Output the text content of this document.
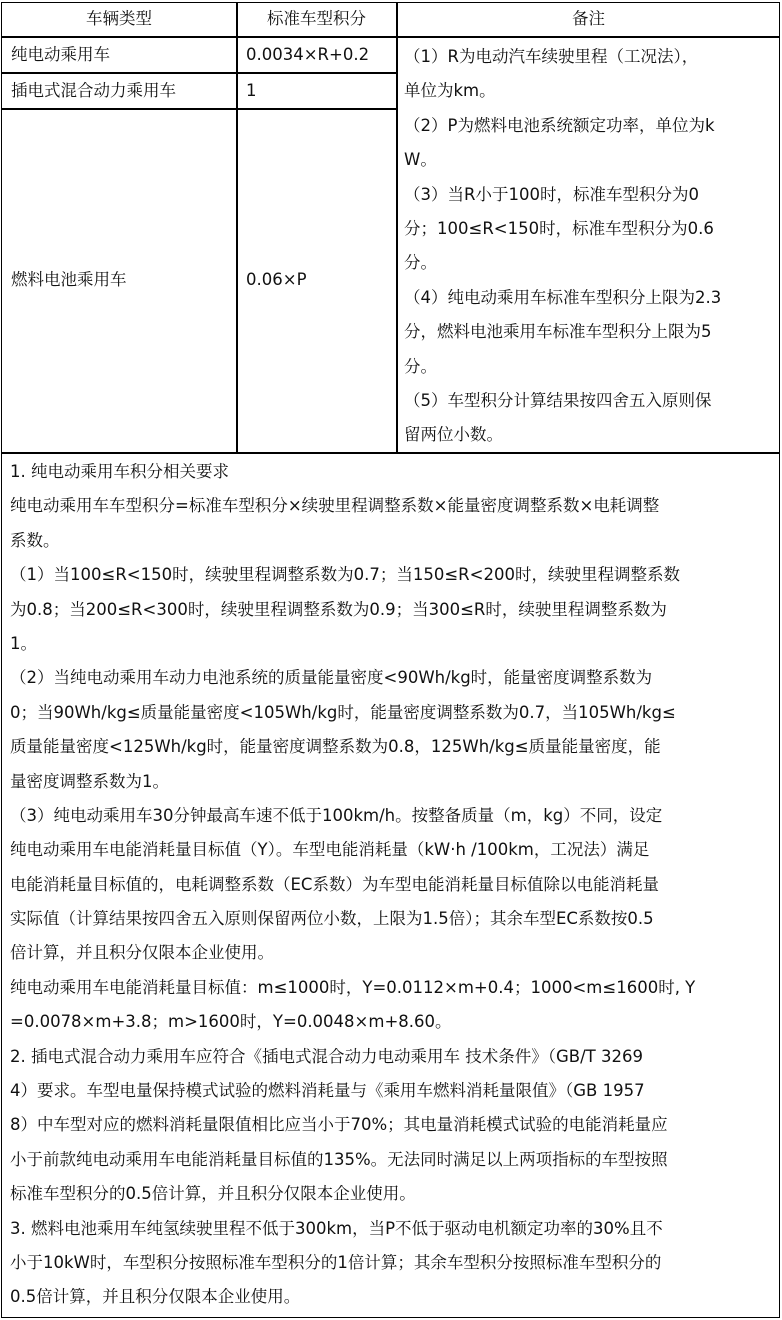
车辆类型	标准车型积分	备注
纯电动乘用车	0.0034×R+0.2
插电式混合动力乘用车	1
燃料电池乘用车	0.06×P
（1）R为电动汽车续驶里程（工况法），
单位为km。
（2）P为燃料电池系统额定功率，单位为k
W。
（3）当R小于100时，标准车型积分为0
分；100≤R<150时，标准车型积分为0.6
分。
（4）纯电动乘用车标准车型积分上限为2.3
分，燃料电池乘用车标准车型积分上限为5
分。
（5）车型积分计算结果按四舍五入原则保
留两位小数。
1. 纯电动乘用车积分相关要求
纯电动乘用车车型积分=标准车型积分×续驶里程调整系数×能量密度调整系数×电耗调整
系数。
（1）当100≤R<150时，续驶里程调整系数为0.7；当150≤R<200时，续驶里程调整系数
为0.8；当200≤R<300时，续驶里程调整系数为0.9；当300≤R时，续驶里程调整系数为
1。
（2）当纯电动乘用车动力电池系统的质量能量密度<90Wh/kg时，能量密度调整系数为
0；当90Wh/kg≤质量能量密度<105Wh/kg时，能量密度调整系数为0.7，当105Wh/kg≤
质量能量密度<125Wh/kg时，能量密度调整系数为0.8，125Wh/kg≤质量能量密度，能
量密度调整系数为1。
（3）纯电动乘用车30分钟最高车速不低于100km/h。按整备质量（m，kg）不同，设定
纯电动乘用车电能消耗量目标值（Y）。车型电能消耗量（kW·h /100km，工况法）满足
电能消耗量目标值的，电耗调整系数（EC系数）为车型电能消耗量目标值除以电能消耗量
实际值（计算结果按四舍五入原则保留两位小数，上限为1.5倍）；其余车型EC系数按0.5
倍计算，并且积分仅限本企业使用。
纯电动乘用车电能消耗量目标值：m≤1000时，Y=0.0112×m+0.4；1000<m≤1600时, Y
=0.0078×m+3.8；m>1600时，Y=0.0048×m+8.60。
2. 插电式混合动力乘用车应符合《插电式混合动力电动乘用车 技术条件》（GB/T 3269
4）要求。车型电量保持模式试验的燃料消耗量与《乘用车燃料消耗量限值》（GB 1957
8）中车型对应的燃料消耗量限值相比应当小于70%；其电量消耗模式试验的电能消耗量应
小于前款纯电动乘用车电能消耗量目标值的135%。无法同时满足以上两项指标的车型按照
标准车型积分的0.5倍计算，并且积分仅限本企业使用。
3. 燃料电池乘用车纯氢续驶里程不低于300km，当P不低于驱动电机额定功率的30%且不
小于10kW时，车型积分按照标准车型积分的1倍计算；其余车型积分按照标准车型积分的
0.5倍计算，并且积分仅限本企业使用。
